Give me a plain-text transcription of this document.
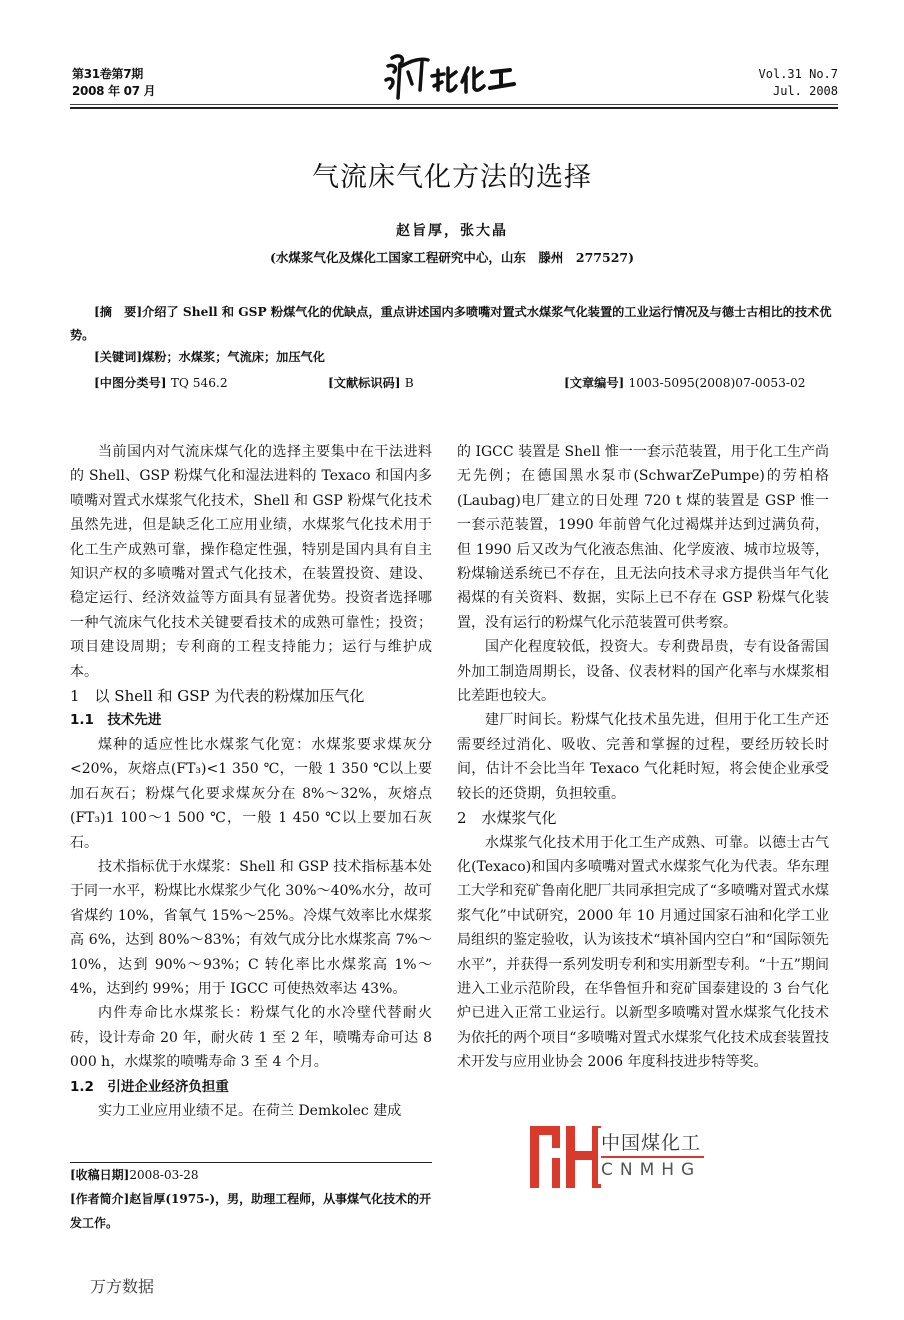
第31卷第7期
2008 年 07 月
Vol.31 No.7
Jul. 2008
气流床气化方法的选择
赵旨厚，张大晶
(水煤浆气化及煤化工国家工程研究中心，山东　滕州　277527)
[摘　要]介绍了 Shell 和 GSP 粉煤气化的优缺点，重点讲述国内多喷嘴对置式水煤浆气化装置的工业运行情况及与德士古相比的技术优势。
[关键词]煤粉；水煤浆；气流床；加压气化
[中图分类号] TQ 546.2	[文献标识码] B	[文章编号] 1003-5095(2008)07-0053-02

当前国内对气流床煤气化的选择主要集中在干法进料的 Shell、GSP 粉煤气化和湿法进料的 Texaco 和国内多喷嘴对置式水煤浆气化技术，Shell 和 GSP 粉煤气化技术虽然先进，但是缺乏化工应用业绩，水煤浆气化技术用于化工生产成熟可靠，操作稳定性强，特别是国内具有自主知识产权的多喷嘴对置式气化技术，在装置投资、建设、稳定运行、经济效益等方面具有显著优势。投资者选择哪一种气流床气化技术关键要看技术的成熟可靠性；投资；项目建设周期；专利商的工程支持能力；运行与维护成本。

1　以 Shell 和 GSP 为代表的粉煤加压气化
1.1　技术先进

煤种的适应性比水煤浆气化宽：水煤浆要求煤灰分<20%，灰熔点(FT₃)<1 350 ℃，一般 1 350 ℃以上要加石灰石；粉煤气化要求煤灰分在 8%～32%，灰熔点(FT₃)1 100～1 500 ℃，一般 1 450 ℃以上要加石灰石。

技术指标优于水煤浆：Shell 和 GSP 技术指标基本处于同一水平，粉煤比水煤浆少气化 30%～40%水分，故可省煤约 10%，省氧气 15%～25%。冷煤气效率比水煤浆高 6%，达到 80%～83%；有效气成分比水煤浆高 7%～10%，达到 90%～93%；C 转化率比水煤浆高 1%～4%，达到约 99%；用于 IGCC 可使热效率达 43%。

内件寿命比水煤浆长：粉煤气化的水冷壁代替耐火砖，设计寿命 20 年，耐火砖 1 至 2 年，喷嘴寿命可达 8 000 h，水煤浆的喷嘴寿命 3 至 4 个月。

1.2　引进企业经济负担重

实力工业应用业绩不足。在荷兰 Demkolec 建成

[收稿日期]2008-03-28
[作者简介]赵旨厚(1975-)，男，助理工程师，从事煤气化技术的开发工作。

的 IGCC 装置是 Shell 惟一一套示范装置，用于化工生产尚无先例；在德国黑水泵市(SchwarZePumpe)的劳柏格(Laubag)电厂建立的日处理 720 t 煤的装置是 GSP 惟一一套示范装置，1990 年前曾气化过褐煤并达到过满负荷，但 1990 后又改为气化液态焦油、化学废液、城市垃圾等，粉煤输送系统已不存在，且无法向技术寻求方提供当年气化褐煤的有关资料、数据，实际上已不存在 GSP 粉煤气化装置，没有运行的粉煤气化示范装置可供考察。

国产化程度较低，投资大。专利费昂贵，专有设备需国外加工制造周期长，设备、仪表材料的国产化率与水煤浆相比差距也较大。

建厂时间长。粉煤气化技术虽先进，但用于化工生产还需要经过消化、吸收、完善和掌握的过程，要经历较长时间，估计不会比当年 Texaco 气化耗时短，将会使企业承受较长的还贷期，负担较重。

2　水煤浆气化

水煤浆气化技术用于化工生产成熟、可靠。以德士古气化(Texaco)和国内多喷嘴对置式水煤浆气化为代表。华东理工大学和兖矿鲁南化肥厂共同承担完成了“多喷嘴对置式水煤浆气化”中试研究，2000 年 10 月通过国家石油和化学工业局组织的鉴定验收，认为该技术“填补国内空白”和“国际领先水平”，并获得一系列发明专利和实用新型专利。“十五”期间进入工业示范阶段，在华鲁恒升和兖矿国泰建设的 3 台气化炉已进入正常工业运行。以新型多喷嘴对置水煤浆气化技术为依托的两个项目“多喷嘴对置式水煤浆气化技术成套装置技术开发与应用业协会 2006 年度科技进步特等奖。

中国煤化工
CNMHG
万方数据
